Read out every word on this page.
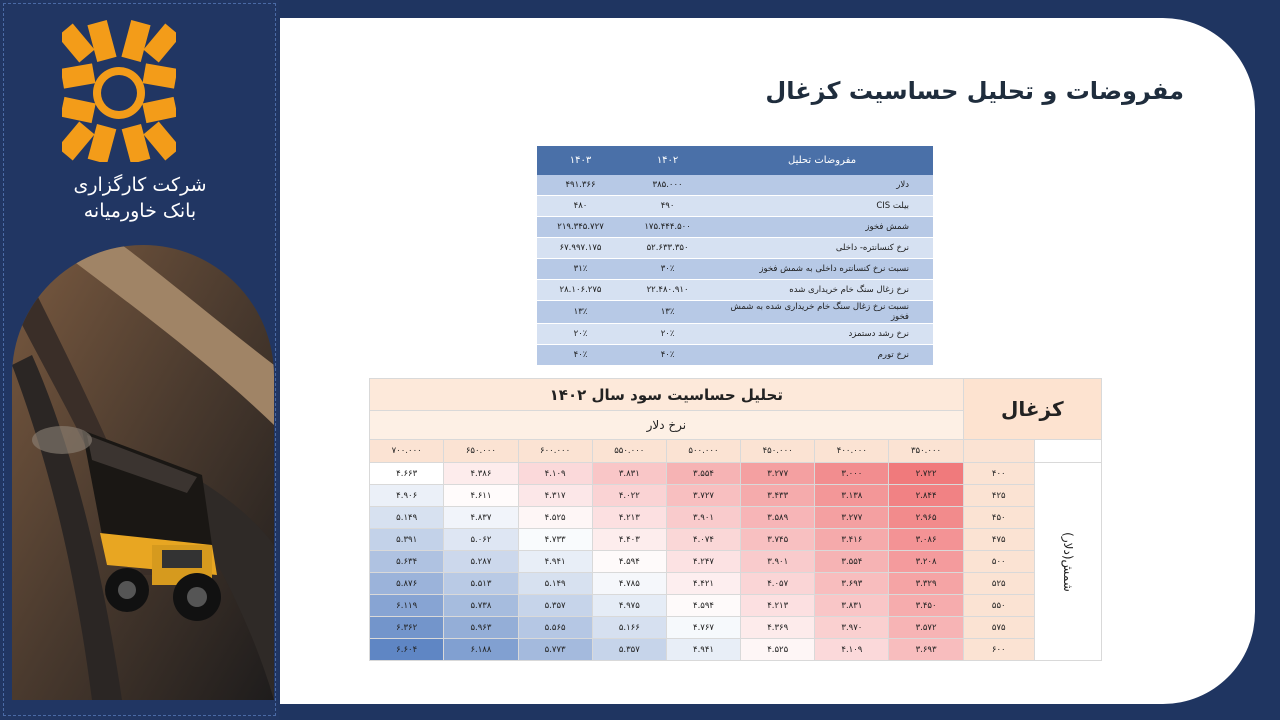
شرکت کارگزاری
بانک خاورمیانه
مفروضات و تحلیل حساسیت کزغال
مفروضات تحلیل	۱۴۰۲	۱۴۰۳
دلار	۳۸۵.۰۰۰	۴۹۱.۳۶۶
بیلت CIS	۴۹۰	۴۸۰
شمش فخوز	۱۷۵.۴۴۴.۵۰۰	۲۱۹.۳۴۵.۷۲۷
نرخ کنسانتره- داخلی	۵۲.۶۳۳.۳۵۰	۶۷.۹۹۷.۱۷۵
نسبت نرخ کنسانتره داخلی به شمش فخوز	۳۰٪	۳۱٪
نرخ زغال سنگ خام خریداری شده	۲۲.۴۸۰.۹۱۰	۲۸.۱۰۶.۲۷۵
نسبت نرخ زغال سنگ خام خریداری شده به شمش فخوز	۱۳٪	۱۳٪
نرخ رشد دستمزد	۲۰٪	۲۰٪
نرخ تورم	۴۰٪	۴۰٪
کزغال		تحلیل حساسیت سود سال ۱۴۰۲							
		نرخ دلار							
		۳۵۰.۰۰۰	۴۰۰.۰۰۰	۴۵۰.۰۰۰	۵۰۰.۰۰۰	۵۵۰.۰۰۰	۶۰۰.۰۰۰	۶۵۰.۰۰۰	۷۰۰.۰۰۰
شمش(دلار)	۴۰۰	۲.۷۲۲	۳.۰۰۰	۳.۲۷۷	۳.۵۵۴	۳.۸۳۱	۴.۱۰۹	۴.۳۸۶	۴.۶۶۳
	۴۲۵	۲.۸۴۴	۳.۱۳۸	۳.۴۳۳	۳.۷۲۷	۴.۰۲۲	۴.۳۱۷	۴.۶۱۱	۴.۹۰۶
	۴۵۰	۲.۹۶۵	۳.۲۷۷	۳.۵۸۹	۳.۹۰۱	۴.۲۱۳	۴.۵۲۵	۴.۸۳۷	۵.۱۴۹
	۴۷۵	۳.۰۸۶	۳.۴۱۶	۳.۷۴۵	۴.۰۷۴	۴.۴۰۳	۴.۷۳۳	۵.۰۶۲	۵.۳۹۱
	۵۰۰	۳.۲۰۸	۳.۵۵۴	۳.۹۰۱	۴.۲۴۷	۴.۵۹۴	۴.۹۴۱	۵.۲۸۷	۵.۶۳۴
	۵۲۵	۳.۳۲۹	۳.۶۹۳	۴.۰۵۷	۴.۴۲۱	۴.۷۸۵	۵.۱۴۹	۵.۵۱۳	۵.۸۷۶
	۵۵۰	۳.۴۵۰	۳.۸۳۱	۴.۲۱۳	۴.۵۹۴	۴.۹۷۵	۵.۳۵۷	۵.۷۳۸	۶.۱۱۹
	۵۷۵	۳.۵۷۲	۳.۹۷۰	۴.۳۶۹	۴.۷۶۷	۵.۱۶۶	۵.۵۶۵	۵.۹۶۳	۶.۳۶۲
	۶۰۰	۳.۶۹۳	۴.۱۰۹	۴.۵۲۵	۴.۹۴۱	۵.۳۵۷	۵.۷۷۳	۶.۱۸۸	۶.۶۰۴
